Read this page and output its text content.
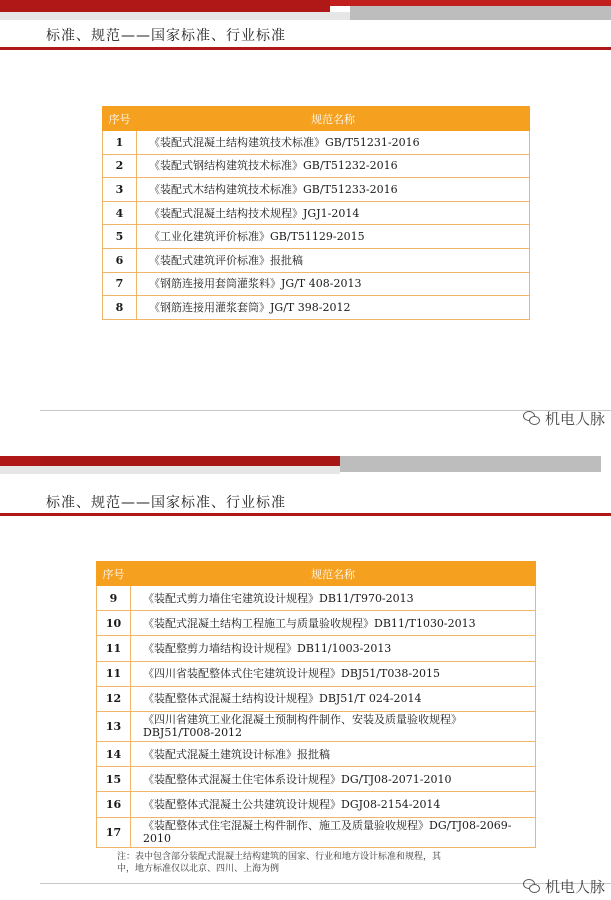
标准、规范——国家标准、行业标准
序号	规范名称
1	《装配式混凝土结构建筑技术标准》GB/T51231-2016
2	《装配式钢结构建筑技术标准》GB/T51232-2016
3	《装配式木结构建筑技术标准》GB/T51233-2016
4	《装配式混凝土结构技术规程》JGJ1-2014
5	《工业化建筑评价标准》GB/T51129-2015
6	《装配式建筑评价标准》报批稿
7	《钢筋连接用套筒灌浆料》JG/T 408-2013
8	《钢筋连接用灌浆套筒》JG/T 398-2012
机电人脉
标准、规范——国家标准、行业标准
序号	规范名称
9	《装配式剪力墙住宅建筑设计规程》DB11/T970-2013
10	《装配式混凝土结构工程施工与质量验收规程》DB11/T1030-2013
11	《装配整剪力墙结构设计规程》DB11/1003-2013
11	《四川省装配整体式住宅建筑设计规程》DBJ51/T038-2015
12	《装配整体式混凝土结构设计规程》DBJ51/T 024-2014
13	《四川省建筑工业化混凝土预制构件制作、安装及质量验收规程》DBJ51/T008-2012
14	《装配式混凝土建筑设计标准》报批稿
15	《装配整体式混凝土住宅体系设计规程》DG/TJ08-2071-2010
16	《装配整体式混凝土公共建筑设计规程》DGJ08-2154-2014
17	《装配整体式住宅混凝土构件制作、施工及质量验收规程》DG/TJ08-2069-2010
注：表中包含部分装配式混凝土结构建筑的国家、行业和地方设计标准和规程，其中，地方标准仅以北京、四川、上海为例
机电人脉
